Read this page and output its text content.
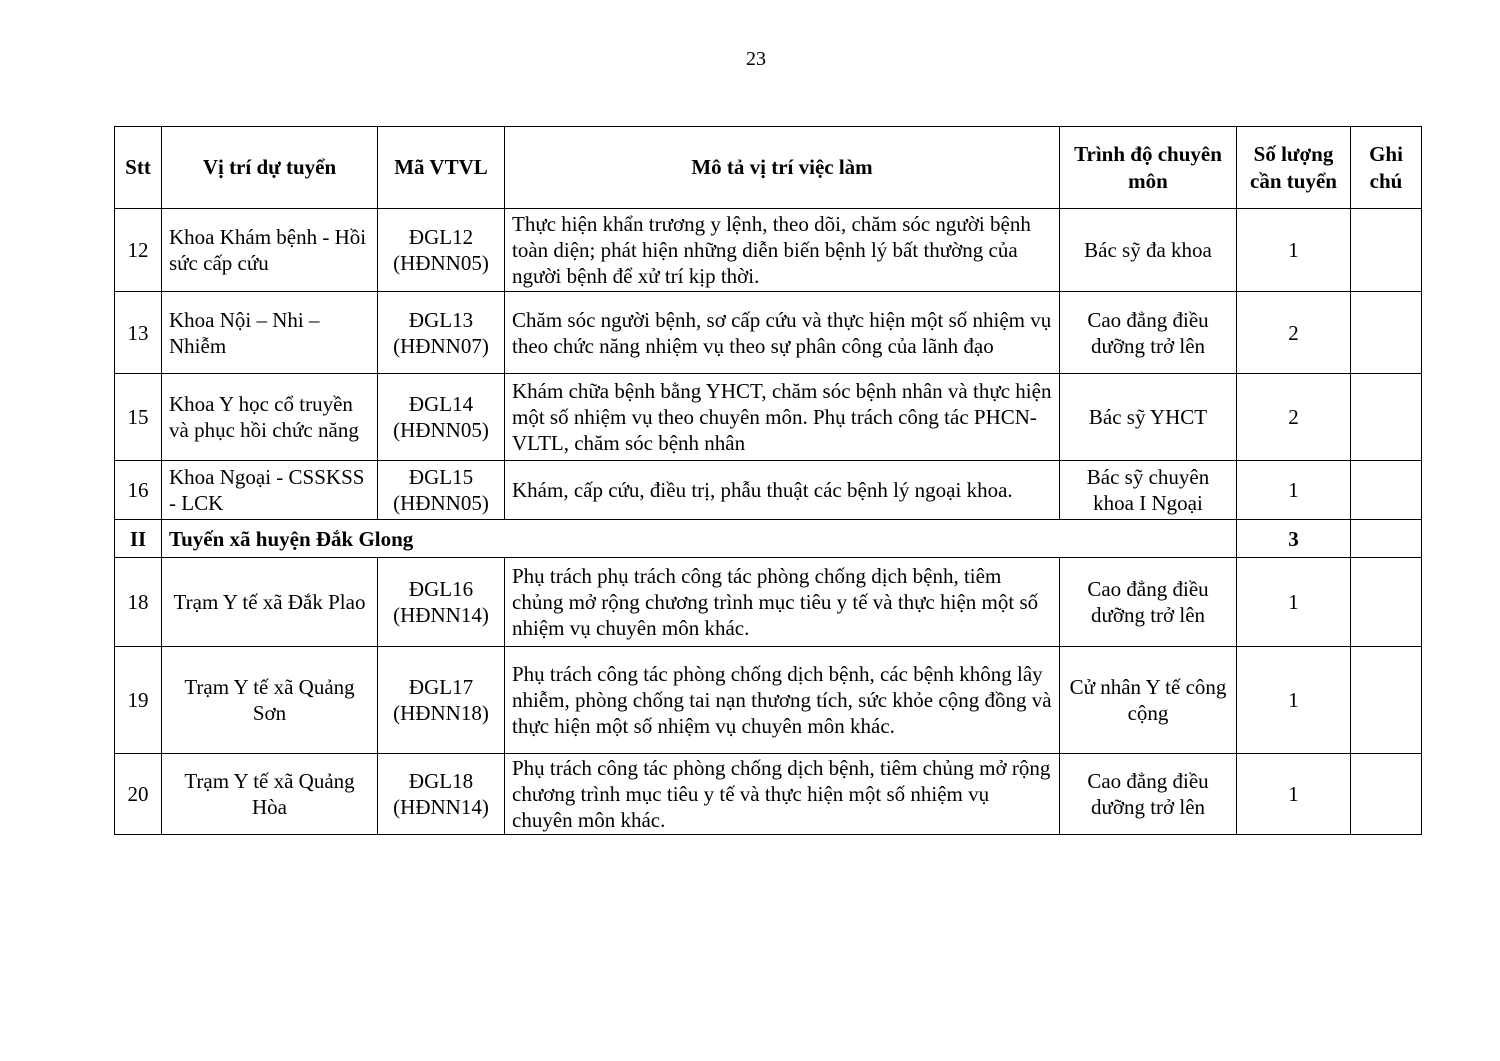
23
Stt	Vị trí dự tuyển	Mã VTVL	Mô tả vị trí việc làm	Trình độ chuyên môn	Số lượng cần tuyển	Ghi chú
12	Khoa Khám bệnh - Hồi sức cấp cứu	ĐGL12 (HĐNN05)	Thực hiện khẩn trương y lệnh, theo dõi, chăm sóc người bệnh toàn diện; phát hiện những diễn biến bệnh lý bất thường của người bệnh để xử trí kịp thời.	Bác sỹ đa khoa	1	
13	Khoa Nội – Nhi – Nhiễm	ĐGL13 (HĐNN07)	Chăm sóc người bệnh, sơ cấp cứu và thực hiện một số nhiệm vụ theo chức năng nhiệm vụ theo sự phân công của lãnh đạo	Cao đẳng điều dưỡng trở lên	2	
15	Khoa Y học cổ truyền và phục hồi chức năng	ĐGL14 (HĐNN05)	Khám chữa bệnh bằng YHCT, chăm sóc bệnh nhân và thực hiện một số nhiệm vụ theo chuyên môn. Phụ trách công tác PHCN-VLTL, chăm sóc bệnh nhân	Bác sỹ YHCT	2	
16	Khoa Ngoại - CSSKSS - LCK	ĐGL15 (HĐNN05)	Khám, cấp cứu, điều trị, phẫu thuật các bệnh lý ngoại khoa.	Bác sỹ chuyên khoa I Ngoại	1	
II	Tuyến xã huyện Đắk Glong				3	
18	Trạm Y tế xã Đắk Plao	ĐGL16 (HĐNN14)	Phụ trách phụ trách công tác phòng chống dịch bệnh, tiêm chủng mở rộng chương trình mục tiêu y tế và thực hiện một số nhiệm vụ chuyên môn khác.	Cao đẳng điều dưỡng trở lên	1	
19	Trạm Y tế xã Quảng Sơn	ĐGL17 (HĐNN18)	Phụ trách công tác phòng chống dịch bệnh, các bệnh không lây nhiễm, phòng chống tai nạn thương tích, sức khỏe cộng đồng và thực hiện một số nhiệm vụ chuyên môn khác.	Cử nhân Y tế công cộng	1	
20	Trạm Y tế xã Quảng Hòa	ĐGL18 (HĐNN14)	Phụ trách công tác phòng chống dịch bệnh, tiêm chủng mở rộng chương trình mục tiêu y tế và thực hiện một số nhiệm vụ chuyên môn khác.	Cao đẳng điều dưỡng trở lên	1	
